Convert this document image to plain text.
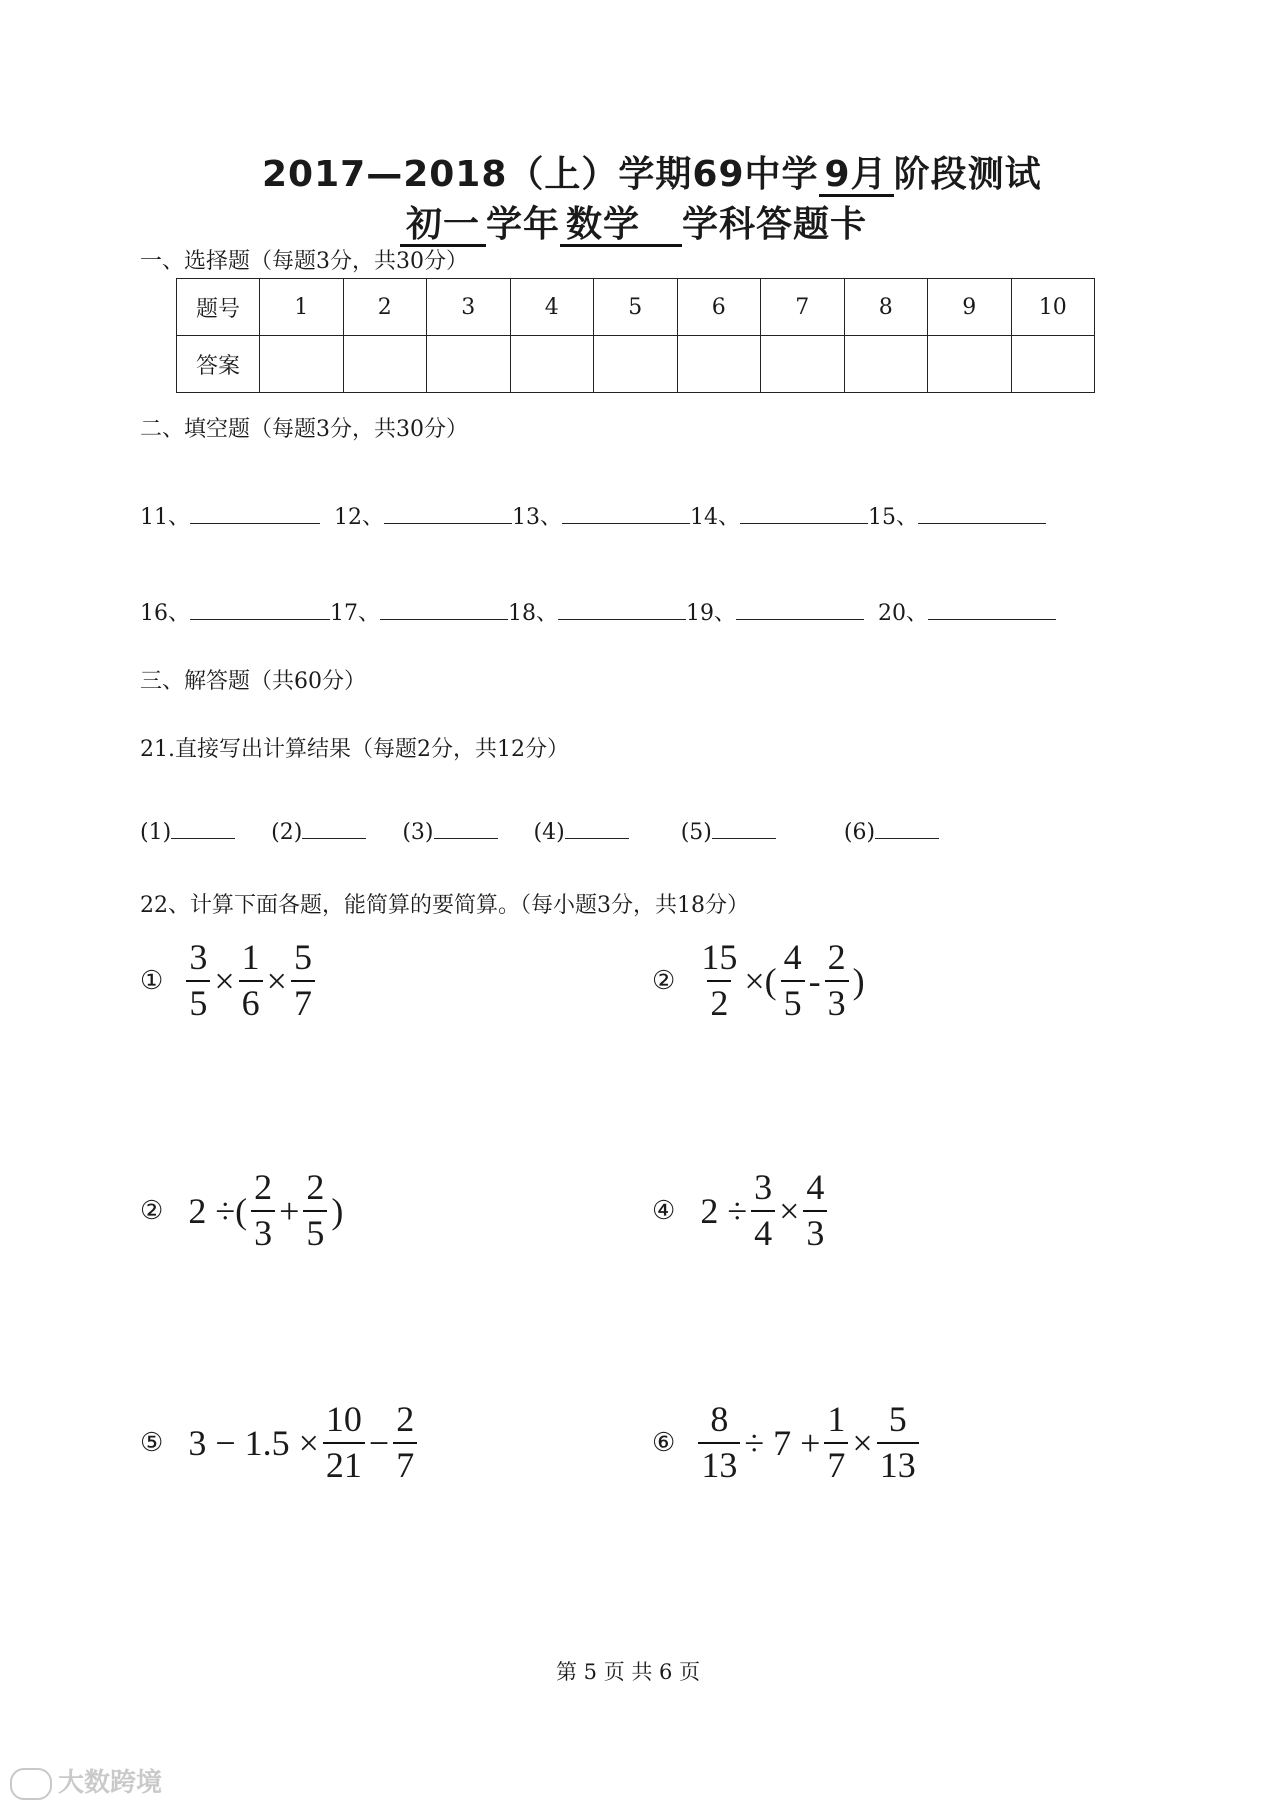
2017—2018（上）学期69中学 9月 阶段测试
初一 学年 数学 学科答题卡
一、选择题（每题3分，共30分）
题号	1	2	3	4	5	6	7	8	9	10
答案										
二、填空题（每题3分，共30分）
11、	12、	13、	14、	15、
16、	17、	18、	19、	20、
三、解答题（共60分）
21.直接写出计算结果（每题2分，共12分）
(1)	(2)	(3)	(4)	(5)	(6)
22、计算下面各题，能简算的要简算。（每小题3分，共18分）
① $\frac{3}{5} \times \frac{1}{6} \times \frac{5}{7}$	② $\frac{15}{2}$ ×( $\frac{4}{5} - \frac{2}{3}$ )
② 2 ÷( $\frac{2}{3} + \frac{2}{5}$ )	④ $2 \div \frac{3}{4} \times \frac{4}{3}$
⑤ $3 - 1.5 \times \frac{10}{21} - \frac{2}{7}$	⑥ $\frac{8}{13} \div 7 + \frac{1}{7} \times \frac{5}{13}$
第 5 页 共 6 页
大数跨境
